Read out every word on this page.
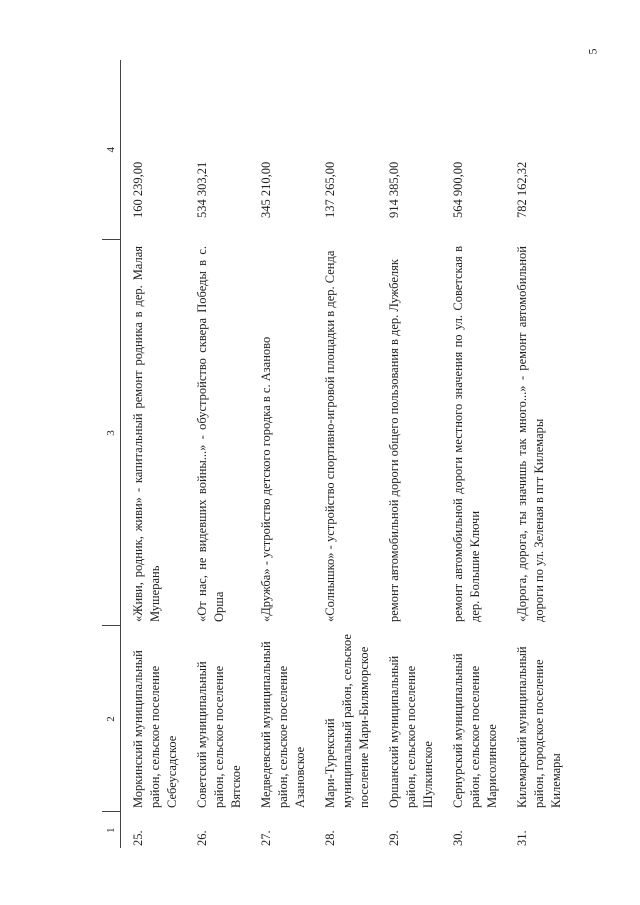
5
1	2	3	4
25.	Моркинский муниципальный район, сельское поселение Себеусадское	«Живи, родник, живи» - капитальный ремонт родника в дер. Малая Мушерань	160 239,00
26.	Советский муниципальный район, сельское поселение Вятское	«От нас, не видевших войны...» - обустройство сквера Победы в с. Орша	534 303,21
27.	Медведевский муниципальный район, сельское поселение Азановское	«Дружба» - устройство детского городка в с. Азаново	345 210,00
28.	Мари-Турекский муниципальный район, сельское поселение Мари-Биляморское	«Солнышко» - устройство спортивно-игровой площадки в дер. Сенда	137 265,00
29.	Оршанский муниципальный район, сельское поселение Шулкинское	ремонт автомобильной дороги общего пользования в дер. Лужбеляк	914 385,00
30.	Сернурский муниципальный район, сельское поселение Марисолинское	ремонт автомобильной дороги местного значения по ул. Советская в дер. Большие Ключи	564 900,00
31.	Килемарский муниципальный район, городское поселение Килемары	«Дорога, дорога, ты значишь так много...» - ремонт автомобильной дороги по ул. Зеленая в пгт Килемары	782 162,32
